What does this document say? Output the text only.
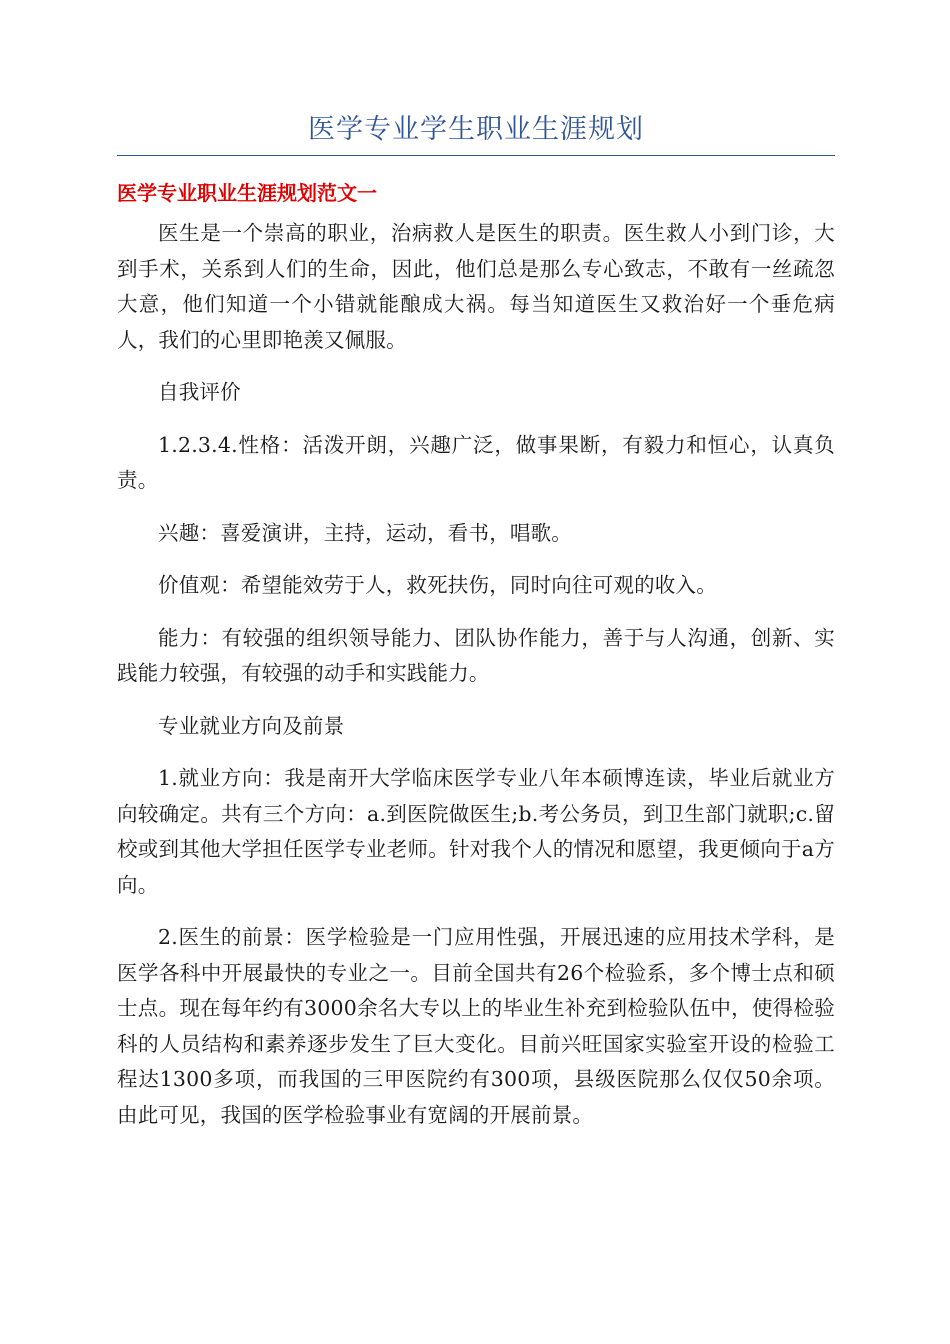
医学专业学生职业生涯规划
医学专业职业生涯规划范文一

医生是一个崇高的职业，治病救人是医生的职责。医生救人小到门诊，大到手术，关系到人们的生命，因此，他们总是那么专心致志，不敢有一丝疏忽大意，他们知道一个小错就能酿成大祸。每当知道医生又救治好一个垂危病人，我们的心里即艳羡又佩服。

自我评价

1.2.3.4.性格：活泼开朗，兴趣广泛，做事果断，有毅力和恒心，认真负责。

兴趣：喜爱演讲，主持，运动，看书，唱歌。

价值观：希望能效劳于人，救死扶伤，同时向往可观的收入。

能力：有较强的组织领导能力、团队协作能力，善于与人沟通，创新、实践能力较强，有较强的动手和实践能力。

专业就业方向及前景

1.就业方向：我是南开大学临床医学专业八年本硕博连读，毕业后就业方向较确定。共有三个方向：a.到医院做医生;b.考公务员，到卫生部门就职;c.留校或到其他大学担任医学专业老师。针对我个人的情况和愿望，我更倾向于a方向。

2.医生的前景：医学检验是一门应用性强，开展迅速的应用技术学科，是医学各科中开展最快的专业之一。目前全国共有26个检验系，多个博士点和硕士点。现在每年约有3000余名大专以上的毕业生补充到检验队伍中，使得检验科的人员结构和素养逐步发生了巨大变化。目前兴旺国家实验室开设的检验工程达1300多项，而我国的三甲医院约有300项，县级医院那么仅仅50余项。由此可见，我国的医学检验事业有宽阔的开展前景。
